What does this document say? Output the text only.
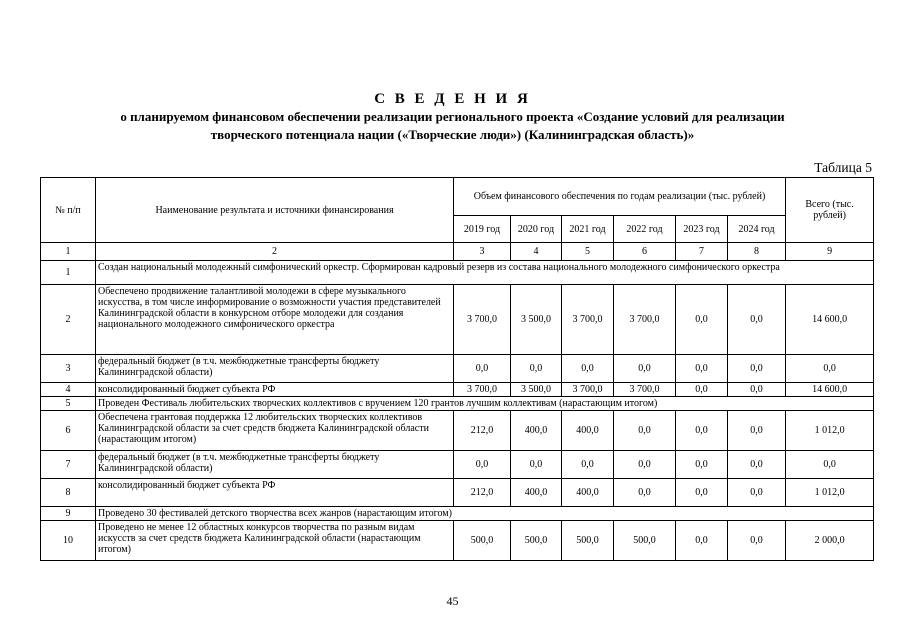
С В Е Д Е Н И Я
о планируемом финансовом обеспечении реализации регионального проекта «Создание условий для реализации
творческого потенциала нации («Творческие люди») (Калининградская область)»
Таблица 5
№ п/п	Наименование результата и источники финансирования	Объем финансового обеспечения по годам реализации (тыс. рублей)						Всего (тыс. рублей)
		2019 год	2020 год	2021 год	2022 год	2023 год	2024 год	
1	2	3	4	5	6	7	8	9
1	Создан национальный молодежный симфонический оркестр. Сформирован кадровый резерв из состава национального молодежного симфонического оркестра							
2	Обеспечено продвижение талантливой молодежи в сфере музыкального искусства, в том числе информирование о возможности участия представителей Калининградской области в конкурсном отборе молодежи для создания национального молодежного симфонического оркестра	3 700,0	3 500,0	3 700,0	3 700,0	0,0	0,0	14 600,0
3	федеральный бюджет (в т.ч. межбюджетные трансферты бюджету Калининградской области)	0,0	0,0	0,0	0,0	0,0	0,0	0,0
4	консолидированный бюджет субъекта РФ	3 700,0	3 500,0	3 700,0	3 700,0	0,0	0,0	14 600,0
5	Проведен Фестиваль любительских творческих коллективов с вручением 120 грантов лучшим коллективам (нарастающим итогом)							
6	Обеспечена грантовая поддержка 12 любительских творческих коллективов Калининградской области за счет средств бюджета Калининградской области (нарастающим итогом)	212,0	400,0	400,0	0,0	0,0	0,0	1 012,0
7	федеральный бюджет (в т.ч. межбюджетные трансферты бюджету Калининградской области)	0,0	0,0	0,0	0,0	0,0	0,0	0,0
8	консолидированный бюджет субъекта РФ	212,0	400,0	400,0	0,0	0,0	0,0	1 012,0
9	Проведено 30 фестивалей детского творчества всех жанров (нарастающим итогом)							
10	Проведено не менее 12 областных конкурсов творчества по разным видам искусств за счет средств бюджета Калининградской области (нарастающим итогом)	500,0	500,0	500,0	500,0	0,0	0,0	2 000,0
45
